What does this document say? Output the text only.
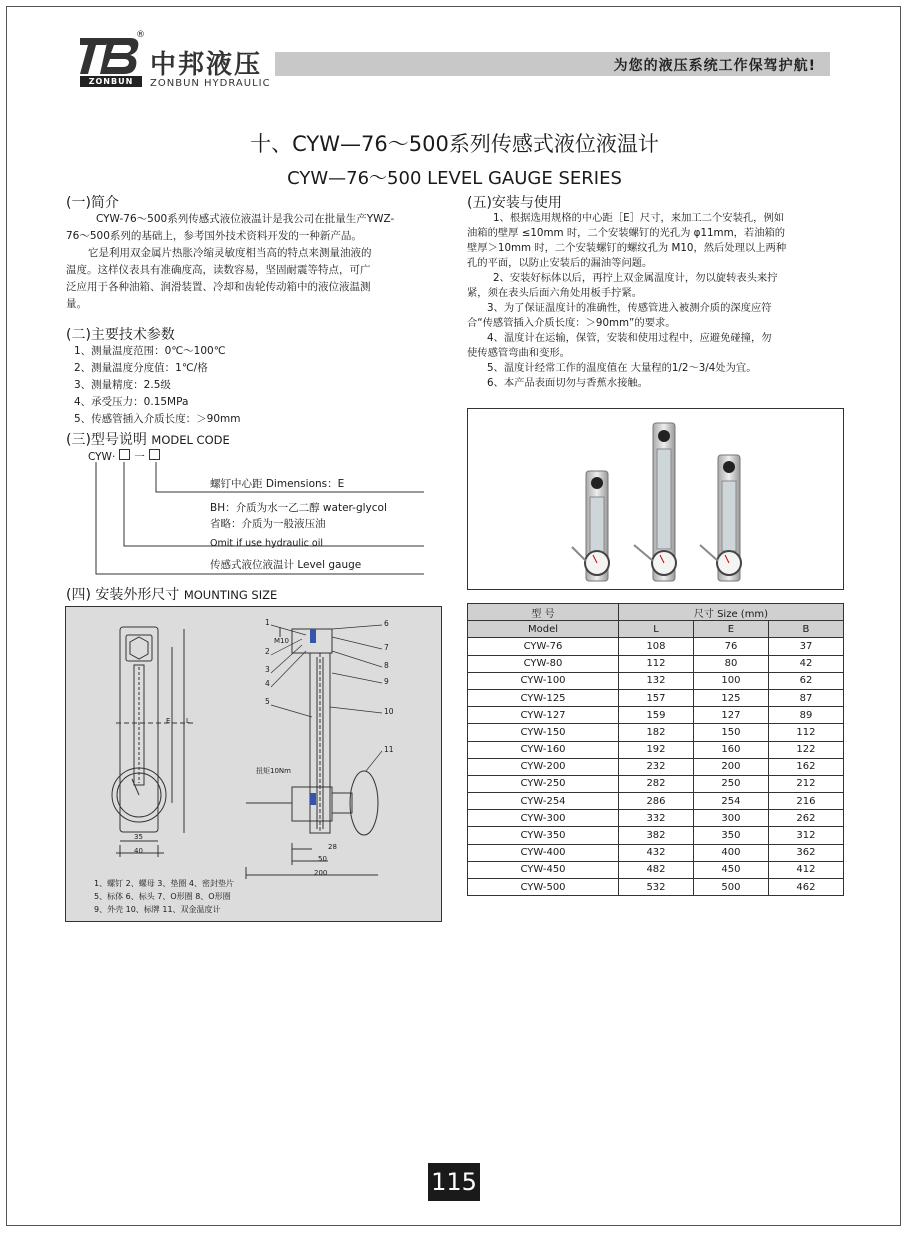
ZONBUN
®
中邦液压
ZONBUN HYDRAULIC
为您的液压系统工作保驾护航!
十、CYW—76～500系列传感式液位液温计
CYW—76～500 LEVEL GAUGE SERIES
(一)简介
CYW-76～500系列传感式液位液温计是我公司在批量生产YWZ-
76～500系列的基础上，参考国外技术资料开发的一种新产品。
它是利用双金属片热胀冷缩灵敏度相当高的特点来测量油液的
温度。这样仪表具有准确度高，读数容易，坚固耐震等特点，可广
泛应用于各种油箱、润滑装置、冷却和齿轮传动箱中的液位液温测
量。
(二)主要技术参数
1、测量温度范围：0℃～100℃
2、测量温度分度值：1℃/格
3、测量精度：2.5级
4、承受压力：0.15MPa
5、传感管插入介质长度：＞90mm
(三)型号说明 MODEL CODE
CYW· 一
螺钉中心距 Dimensions：E
BH：介质为水一乙二醇 water-glycol
省略：介质为一般液压油
Omit if use hydraulic oil
传感式液位液温计 Level gauge
(四) 安装外形尺寸 MOUNTING SIZE
1
2
3
4
5
6
7
8
9
10
11
M10
E L
35
40	28
50
200
扭矩10Nm
1、螺钉 2、螺母 3、垫圈 4、密封垫片
5、标体 6、标头 7、O形圈 8、O形圈
9、外壳 10、标牌 11、双金温度计
(五)安装与使用
1、根据选用规格的中心距［E］尺寸，来加工二个安装孔，例如
油箱的壁厚 ≤10mm 时，二个安装螺钉的光孔为 φ11mm，若油箱的
壁厚＞10mm 时，二个安装螺钉的螺纹孔为 M10，然后处理以上两种
孔的平面，以防止安装后的漏油等问题。
2、安装好标体以后，再拧上双金属温度计，勿以旋转表头来拧
紧，须在表头后面六角处用板手拧紧。
3、为了保证温度计的准确性，传感管进入被测介质的深度应符
合“传感管插入介质长度：＞90mm”的要求。
4、温度计在运输，保管，安装和使用过程中，应避免碰撞，勿
使传感管弯曲和变形。
5、温度计经常工作的温度值在 大量程的1/2～3/4处为宜。
6、本产品表面切勿与香蕉水接触。
型 号	尺寸 Size (mm)		
Model	L	E	B
CYW-76	108	76	37
CYW-80	112	80	42
CYW-100	132	100	62
CYW-125	157	125	87
CYW-127	159	127	89
CYW-150	182	150	112
CYW-160	192	160	122
CYW-200	232	200	162
CYW-250	282	250	212
CYW-254	286	254	216
CYW-300	332	300	262
CYW-350	382	350	312
CYW-400	432	400	362
CYW-450	482	450	412
CYW-500	532	500	462
115
